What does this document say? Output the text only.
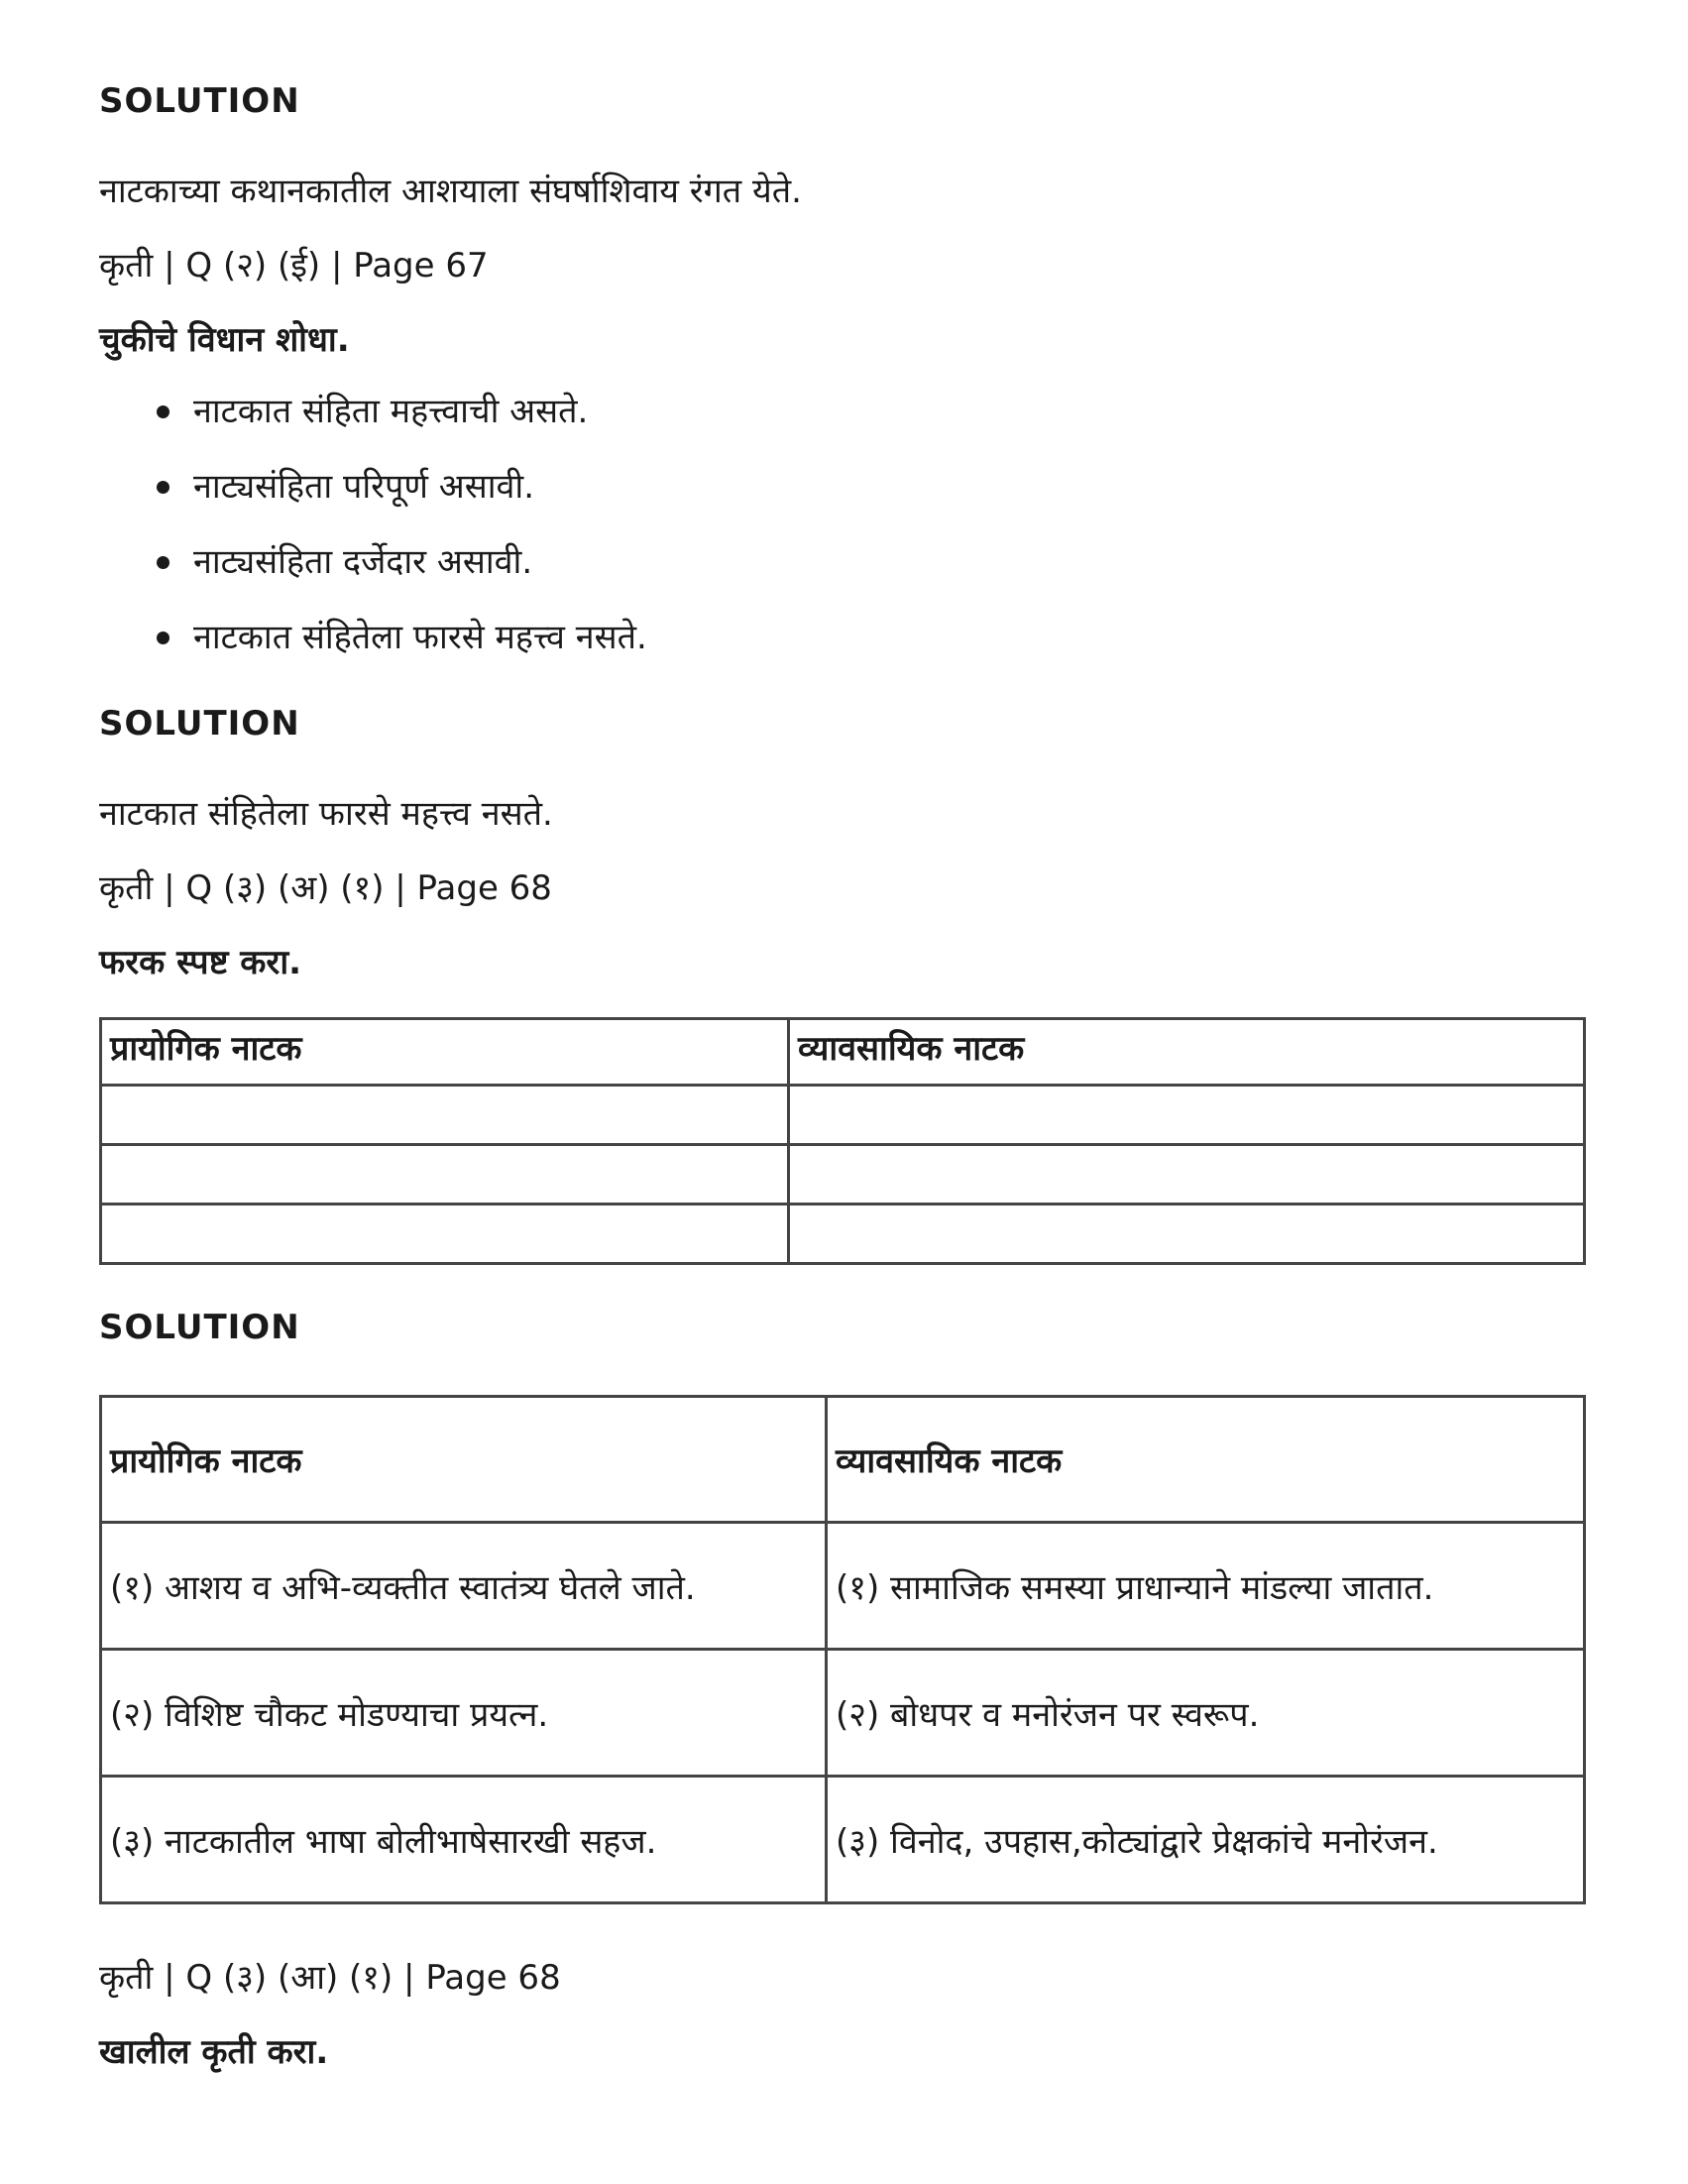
SOLUTION
नाटकाच्या कथानकातील आशयाला संघर्षाशिवाय रंगत येते.
कृती | Q (२) (ई) | Page 67
चुकीचे विधान शोधा.
नाटकात संहिता महत्त्वाची असते.
नाट्यसंहिता परिपूर्ण असावी.
नाट्यसंहिता दर्जेदार असावी.
नाटकात संहितेला फारसे महत्त्व नसते.
SOLUTION
नाटकात संहितेला फारसे महत्त्व नसते.
कृती | Q (३) (अ) (१) | Page 68
फरक स्पष्ट करा.
प्रायोगिक नाटक	व्यावसायिक नाटक

SOLUTION
प्रायोगिक नाटक	व्यावसायिक नाटक
(१) आशय व अभि-व्यक्तीत स्वातंत्र्य घेतले जाते.	(१) सामाजिक समस्या प्राधान्याने मांडल्या जातात.
(२) विशिष्ट चौकट मोडण्याचा प्रयत्न.	(२) बोधपर व मनोरंजन पर स्वरूप.
(३) नाटकातील भाषा बोलीभाषेसारखी सहज.	(३) विनोद, उपहास,कोट्यांद्वारे प्रेक्षकांचे मनोरंजन.
कृती | Q (३) (आ) (१) | Page 68
खालील कृती करा.
